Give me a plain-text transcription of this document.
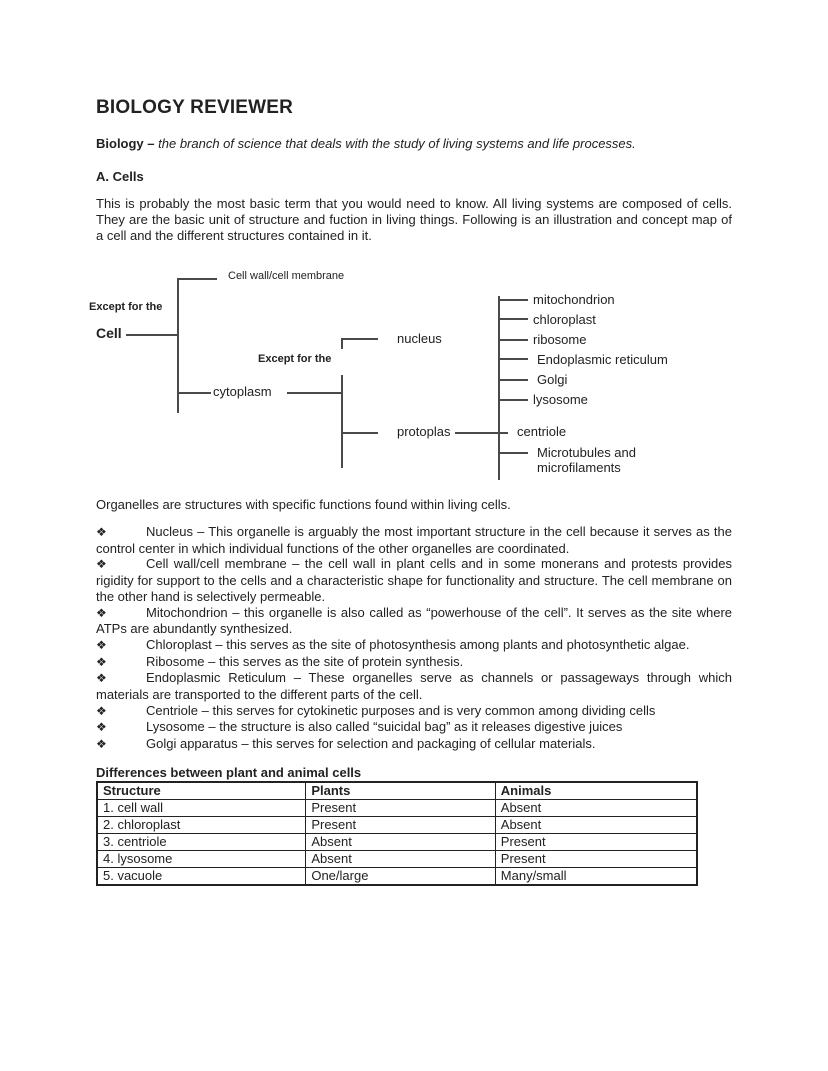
BIOLOGY REVIEWER
Biology – the branch of science that deals with the study of living systems and life processes.
A. Cells
This is probably the most basic term that you would need to know. All living systems are composed of cells. They are the basic unit of structure and fuction in living things. Following is an illustration and concept map of a cell and the different structures contained in it.
Except for the
Cell
Cell wall/cell membrane
cytoplasm
nucleus
Except for the
protoplas
mitochondrion
chloroplast
ribosome
Endoplasmic reticulum
Golgi
lysosome
centriole
Microtubules and
microfilaments
Organelles are structures with specific functions found within living cells.

❖	Nucleus – This organelle is arguably the most important structure in the cell because it serves as the control center in which individual functions of the other organelles are coordinated.

❖	Cell wall/cell membrane – the cell wall in plant cells and in some monerans and protests provides rigidity for support to the cells and a characteristic shape for functionality and structure. The cell membrane on the other hand is selectively permeable.

❖	Mitochondrion – this organelle is also called as “powerhouse of the cell”. It serves as the site where ATPs are abundantly synthesized.

❖	Chloroplast – this serves as the site of photosynthesis among plants and photosynthetic algae.

❖	Ribosome – this serves as the site of protein synthesis.

❖	Endoplasmic Reticulum – These organelles serve as channels or passageways through which materials are transported to the different parts of the cell.

❖	Centriole – this serves for cytokinetic purposes and is very common among dividing cells

❖	Lysosome – the structure is also called “suicidal bag” as it releases digestive juices

❖	Golgi apparatus – this serves for selection and packaging of cellular materials.

Differences between plant and animal cells
Structure	Plants	Animals
1. cell wall	Present	Absent
2. chloroplast	Present	Absent
3. centriole	Absent	Present
4. lysosome	Absent	Present
5. vacuole	One/large	Many/small
